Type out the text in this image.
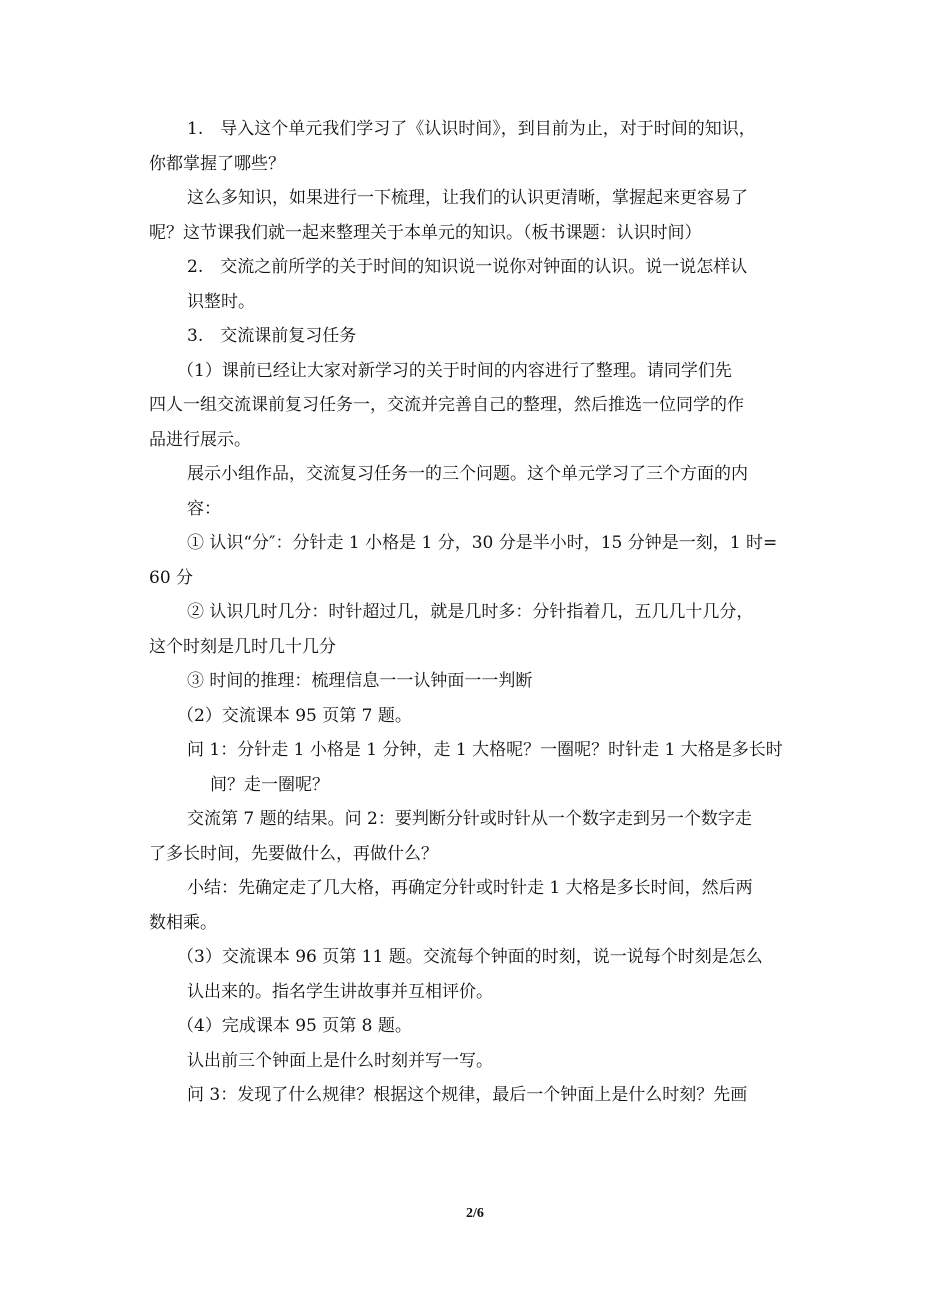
1.　导入这个单元我们学习了《认识时间》，到目前为止，对于时间的知识，
你都掌握了哪些？
这么多知识，如果进行一下梳理，让我们的认识更清晰，掌握起来更容易了
呢？这节课我们就一起来整理关于本单元的知识。（板书课题：认识时间）
2.　交流之前所学的关于时间的知识说一说你对钟面的认识。说一说怎样认
识整时。
3.　交流课前复习任务
（1）课前已经让大家对新学习的关于时间的内容进行了整理。请同学们先
四人一组交流课前复习任务一，交流并完善自己的整理，然后推选一位同学的作
品进行展示。
展示小组作品，交流复习任务一的三个问题。这个单元学习了三个方面的内
容：
① 认识“分″：分针走 1 小格是 1 分，30 分是半小时，15 分钟是一刻，1 时=
60 分
② 认识几时几分：时针超过几，就是几时多：分针指着几，五几几十几分，
这个时刻是几时几十几分
③ 时间的推理：梳理信息一一认钟面一一判断
（2）交流课本 95 页第 7 题。
问 1：分针走 1 小格是 1 分钟，走 1 大格呢？一圈呢？时针走 1 大格是多长时
间？走一圈呢？
交流第 7 题的结果。问 2：要判断分针或时针从一个数字走到另一个数字走
了多长时间，先要做什么，再做什么？
小结：先确定走了几大格，再确定分针或时针走 1 大格是多长时间，然后两
数相乘。
（3）交流课本 96 页第 11 题。交流每个钟面的时刻，说一说每个时刻是怎么
认出来的。指名学生讲故事并互相评价。
（4）完成课本 95 页第 8 题。
认出前三个钟面上是什么时刻并写一写。
问 3：发现了什么规律？根据这个规律，最后一个钟面上是什么时刻？先画
2/6
